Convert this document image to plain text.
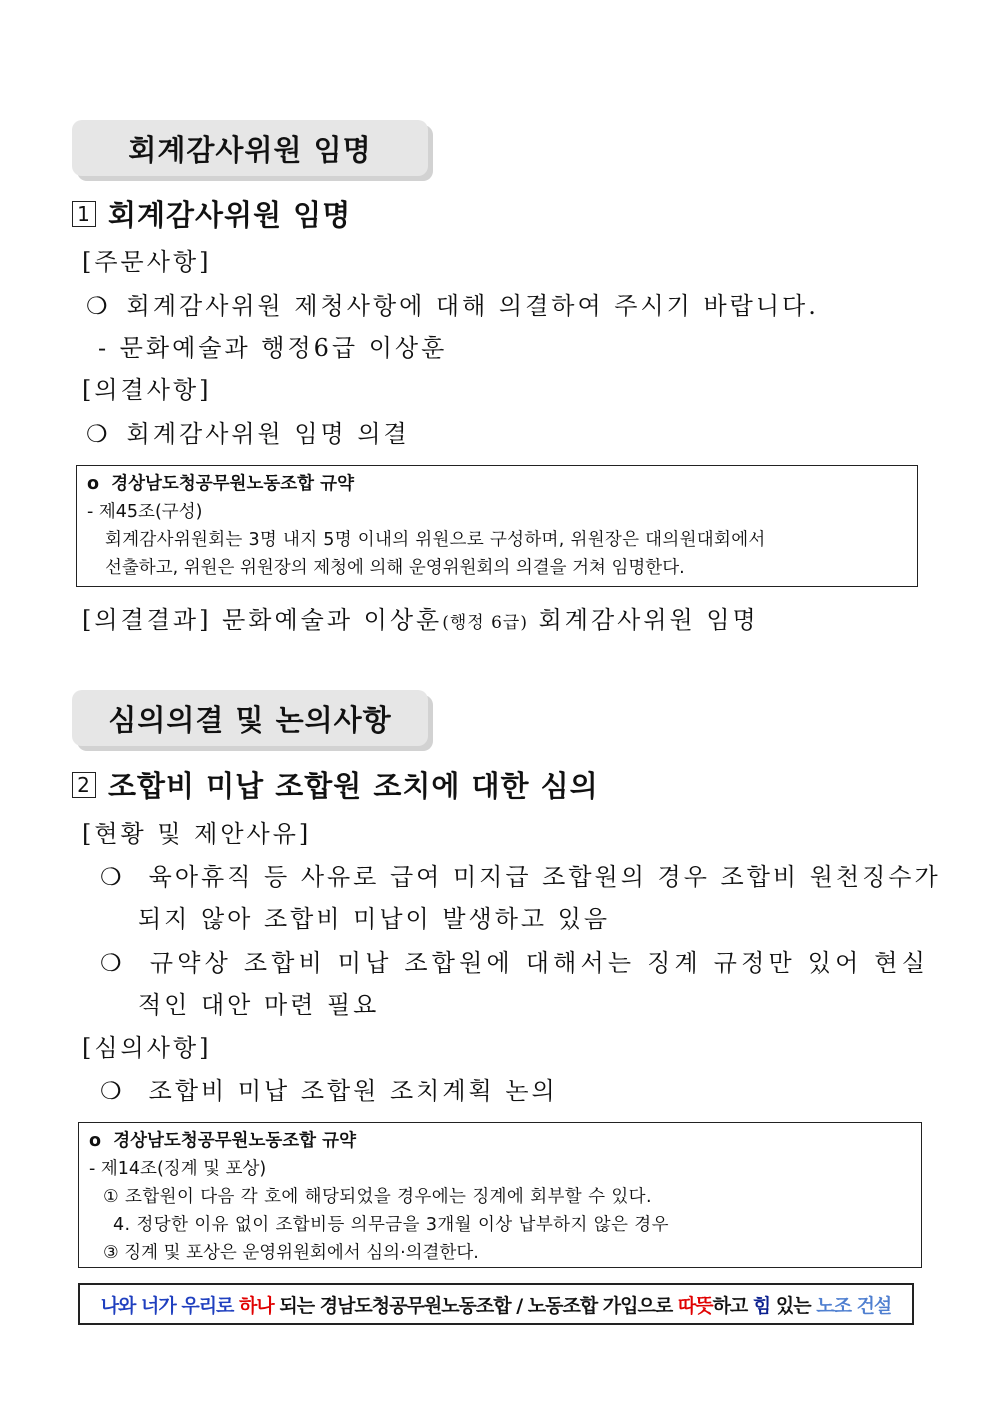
회계감사위원 임명
1 회계감사위원 임명
[주문사항]
❍ 회계감사위원 제청사항에 대해 의결하여 주시기 바랍니다.
- 문화예술과 행정6급 이상훈
[의결사항]
❍ 회계감사위원 임명 의결
o 경상남도청공무원노동조합 규약
- 제45조(구성)
회계감사위원회는 3명 내지 5명 이내의 위원으로 구성하며, 위원장은 대의원대회에서
선출하고, 위원은 위원장의 제청에 의해 운영위원회의 의결을 거쳐 임명한다.
[의결결과] 문화예술과 이상훈(행정 6급) 회계감사위원 임명
심의의결 및 논의사항
2 조합비 미납 조합원 조치에 대한 심의
[현황 및 제안사유]
❍ 육아휴직 등 사유로 급여 미지급 조합원의 경우 조합비 원천징수가
되지 않아 조합비 미납이 발생하고 있음
❍ 규약상 조합비 미납 조합원에 대해서는 징계 규정만 있어 현실
적인 대안 마련 필요
[심의사항]
❍ 조합비 미납 조합원 조치계획 논의
o 경상남도청공무원노동조합 규약
- 제14조(징계 및 포상)
① 조합원이 다음 각 호에 해당되었을 경우에는 징계에 회부할 수 있다.
4. 정당한 이유 없이 조합비등 의무금을 3개월 이상 납부하지 않은 경우
③ 징계 및 포상은 운영위원회에서 심의·의결한다.
나와 너가 우리로
하나
되는 경남도청공무원노동조합 / 노동조합 가입으로
따뜻 하고
힘
있는
노조 건설
